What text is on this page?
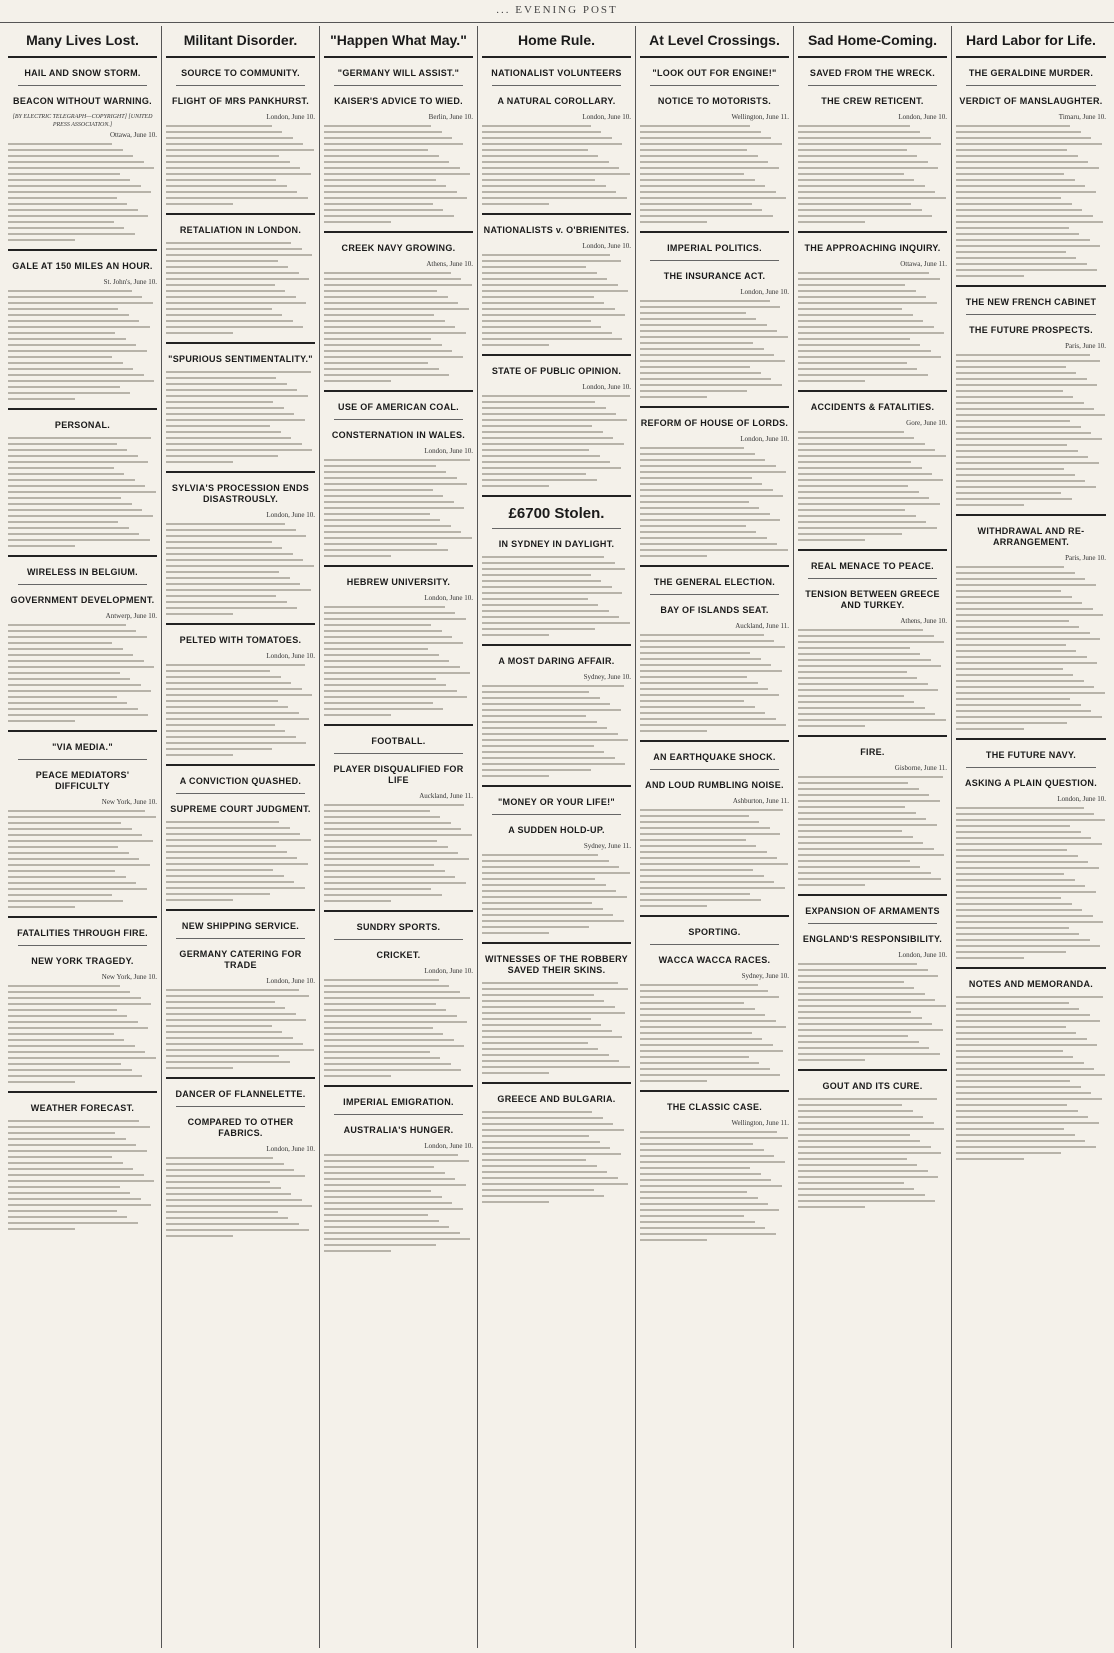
... EVENING POST
Many Lives Lost.
HAIL AND SNOW STORM.
BEACON WITHOUT WARNING.
[BY ELECTRIC TELEGRAPH—COPYRIGHT] [UNITED PRESS ASSOCIATION.]
Ottawa, June 10.
GALE AT 150 MILES AN HOUR.
St. John's, June 10.
PERSONAL.
WIRELESS IN BELGIUM.
GOVERNMENT DEVELOPMENT.
Antwerp, June 10.
"VIA MEDIA."
PEACE MEDIATORS' DIFFICULTY
New York, June 10.
FATALITIES THROUGH FIRE.
NEW YORK TRAGEDY.
New York, June 10.
WEATHER FORECAST.
Militant Disorder.
SOURCE TO COMMUNITY.
FLIGHT OF MRS PANKHURST.
London, June 10.
RETALIATION IN LONDON.
"SPURIOUS SENTIMENTALITY."
SYLVIA'S PROCESSION ENDS DISASTROUSLY.
London, June 10.
PELTED WITH TOMATOES.
London, June 10.
A CONVICTION QUASHED.
SUPREME COURT JUDGMENT.
NEW SHIPPING SERVICE.
GERMANY CATERING FOR TRADE
London, June 10.
DANCER OF FLANNELETTE.
COMPARED TO OTHER FABRICS.
London, June 10.
"Happen What May."
"GERMANY WILL ASSIST."
KAISER'S ADVICE TO WIED.
Berlin, June 10.
CREEK NAVY GROWING.
Athens, June 10.
USE OF AMERICAN COAL.
CONSTERNATION IN WALES.
London, June 10.
HEBREW UNIVERSITY.
London, June 10.
FOOTBALL.
PLAYER DISQUALIFIED FOR LIFE
Auckland, June 11.
SUNDRY SPORTS.
CRICKET.
London, June 10.
IMPERIAL EMIGRATION.
AUSTRALIA'S HUNGER.
London, June 10.
Home Rule.
NATIONALIST VOLUNTEERS
A NATURAL COROLLARY.
London, June 10.
NATIONALISTS v. O'BRIENITES.
London, June 10.
STATE OF PUBLIC OPINION.
London, June 10.
£6700 Stolen.
IN SYDNEY IN DAYLIGHT.
A MOST DARING AFFAIR.
Sydney, June 10.
"MONEY OR YOUR LIFE!"
A SUDDEN HOLD-UP.
Sydney, June 11.
WITNESSES OF THE ROBBERY SAVED THEIR SKINS.
GREECE AND BULGARIA.
At Level Crossings.
"LOOK OUT FOR ENGINE!"
NOTICE TO MOTORISTS.
Wellington, June 11.
IMPERIAL POLITICS.
THE INSURANCE ACT.
London, June 10.
REFORM OF HOUSE OF LORDS.
London, June 10.
THE GENERAL ELECTION.
BAY OF ISLANDS SEAT.
Auckland, June 11.
AN EARTHQUAKE SHOCK.
AND LOUD RUMBLING NOISE.
Ashburton, June 11.
SPORTING.
WACCA WACCA RACES.
Sydney, June 10.
THE CLASSIC CASE.
Wellington, June 11.
Sad Home-Coming.
SAVED FROM THE WRECK.
THE CREW RETICENT.
London, June 10.
THE APPROACHING INQUIRY.
Ottawa, June 11.
ACCIDENTS & FATALITIES.
Gore, June 10.
REAL MENACE TO PEACE.
TENSION BETWEEN GREECE AND TURKEY.
Athens, June 10.
FIRE.
Gisborne, June 11.
EXPANSION OF ARMAMENTS
ENGLAND'S RESPONSIBILITY.
London, June 10.
GOUT AND ITS CURE.
Hard Labor for Life.
THE GERALDINE MURDER.
VERDICT OF MANSLAUGHTER.
Timaru, June 10.
THE NEW FRENCH CABINET
THE FUTURE PROSPECTS.
Paris, June 10.
WITHDRAWAL AND RE-ARRANGEMENT.
Paris, June 10.
THE FUTURE NAVY.
ASKING A PLAIN QUESTION.
London, June 10.
NOTES AND MEMORANDA.
